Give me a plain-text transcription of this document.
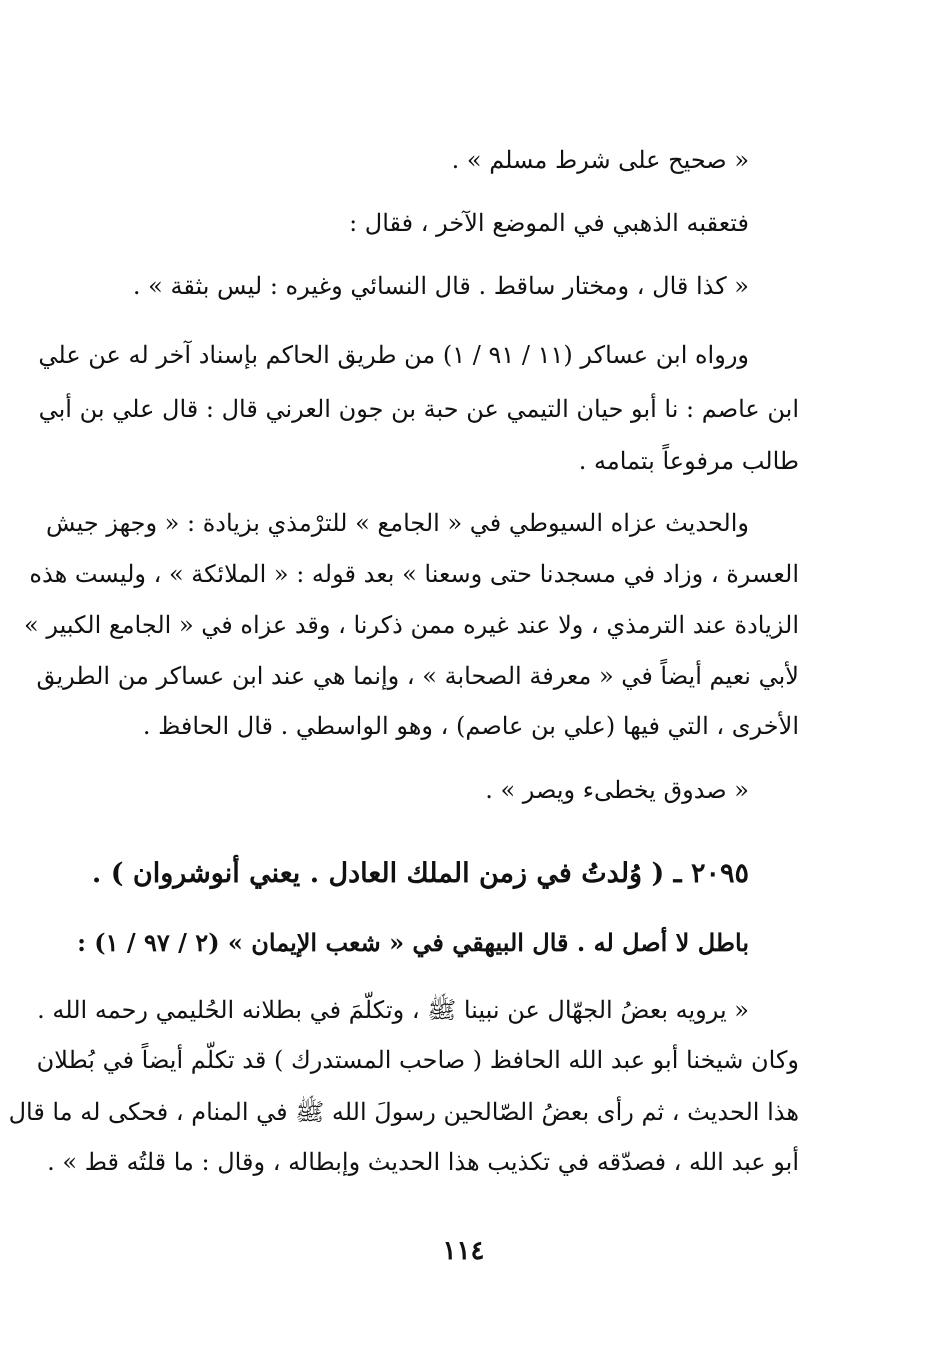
« صحيح على شرط مسلم » .
فتعقبه الذهبي في الموضع الآخر ، فقال :
« كذا قال ، ومختار ساقط . قال النسائي وغيره : ليس بثقة » .
ورواه ابن عساكر (١١ / ٩١ / ١) من طريق الحاكم بإسناد آخر له عن علي
ابن عاصم : نا أبو حيان التيمي عن حبة بن جون العرني قال : قال علي بن أبي
طالب مرفوعاً بتمامه .
والحديث عزاه السيوطي في « الجامع » للترْمذي بزيادة : « وجهز جيش
العسرة ، وزاد في مسجدنا حتى وسعنا » بعد قوله : « الملائكة » ، وليست هذه
الزيادة عند الترمذي ، ولا عند غيره ممن ذكرنا ، وقد عزاه في « الجامع الكبير »
لأبي نعيم أيضاً في « معرفة الصحابة » ، وإنما هي عند ابن عساكر من الطريق
الأخرى ، التي فيها (علي بن عاصم) ، وهو الواسطي . قال الحافظ .
« صدوق يخطىء ويصر » .
٢٠٩٥ ـ ( وُلدتُ في زمن الملك العادل . يعني أنوشروان ) .
باطل لا أصل له . قال البيهقي في « شعب الإيمان » (٢ / ٩٧ / ١) :
« يرويه بعضُ الجهّال عن نبينا ﷺ ، وتكلّمَ في بطلانه الحُليمي رحمه الله .
وكان شيخنا أبو عبد الله الحافظ ( صاحب المستدرك ) قد تكلّم أيضاً في بُطلان
هذا الحديث ، ثم رأى بعضُ الصّالحين رسولَ الله ﷺ في المنام ، فحكى له ما قال
أبو عبد الله ، فصدّقه في تكذيب هذا الحديث وإبطاله ، وقال : ما قلتُه قط » .
١١٤
